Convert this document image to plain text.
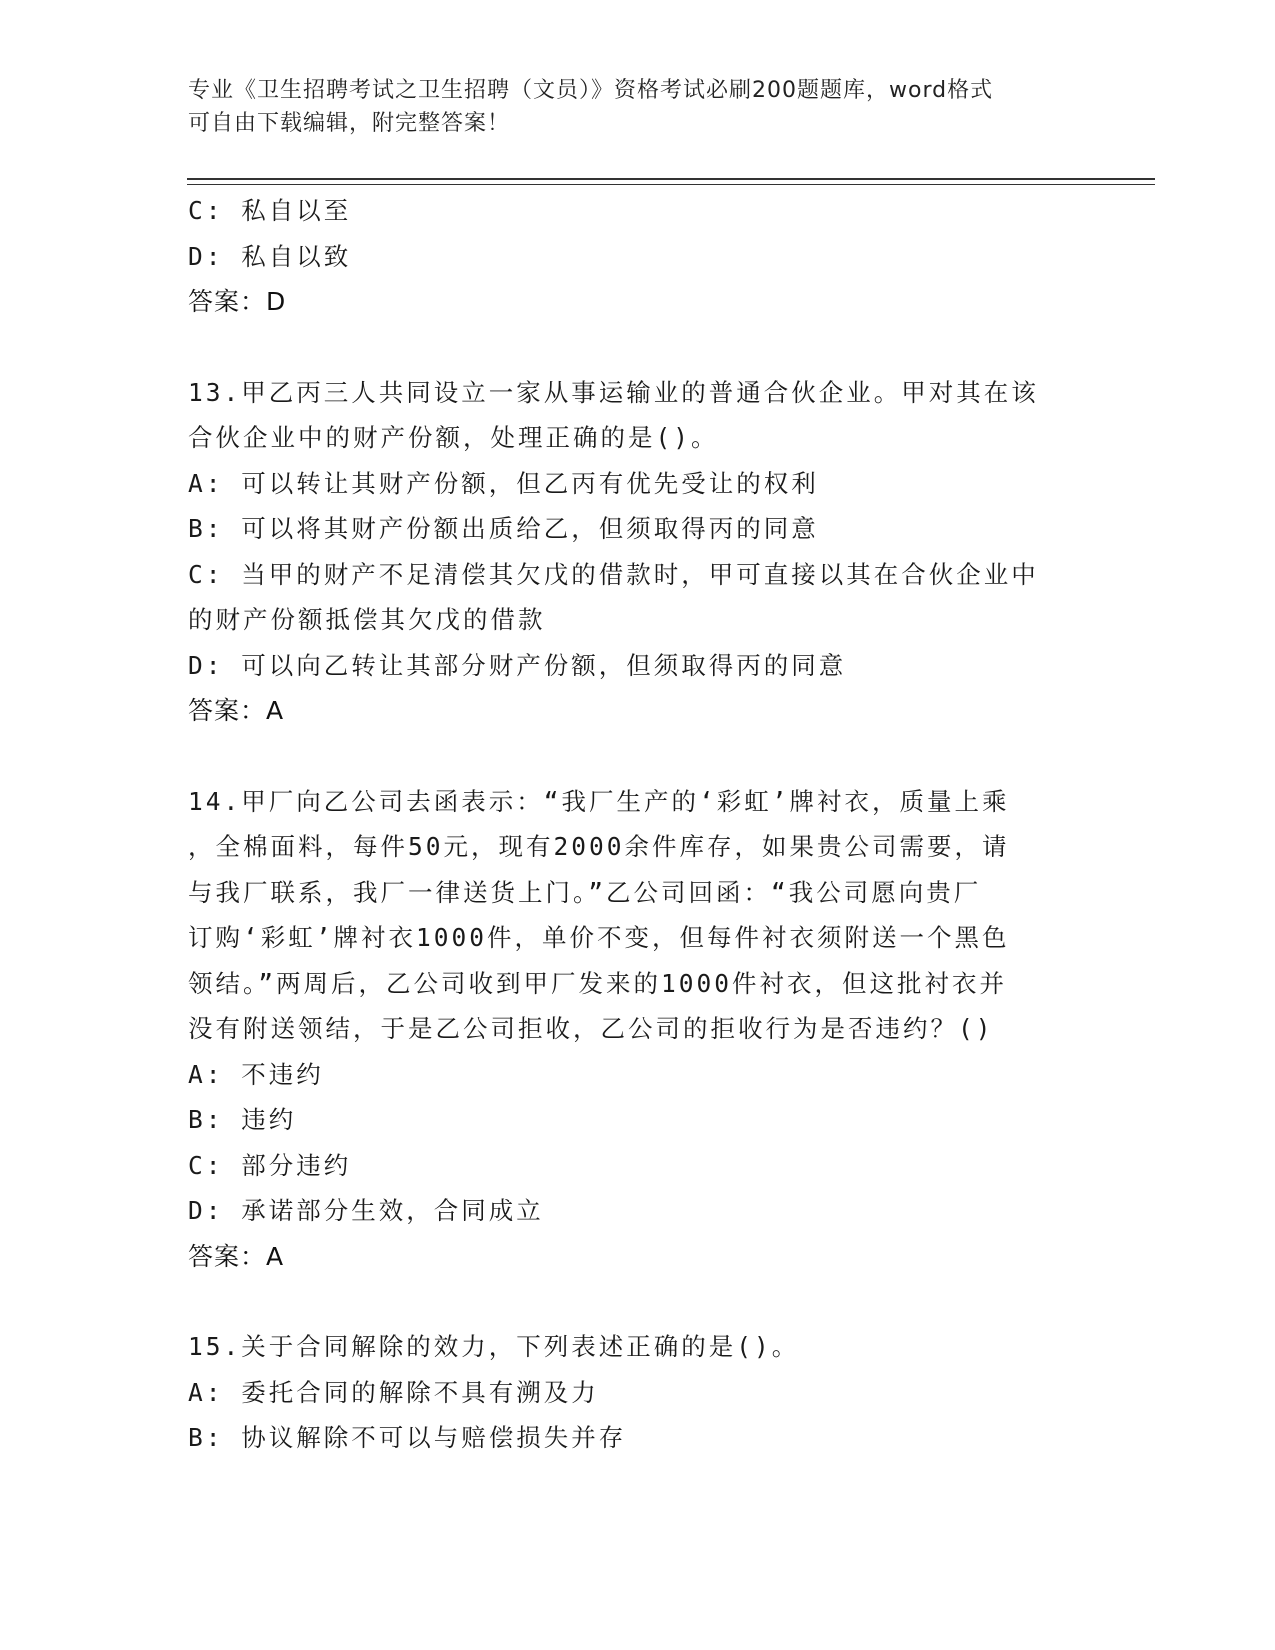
专业《卫生招聘考试之卫生招聘（文员）》资格考试必刷200题题库，word格式
可自由下载编辑，附完整答案！
C: 私自以至
D: 私自以致
答案：D
13.甲乙丙三人共同设立一家从事运输业的普通合伙企业。甲对其在该
合伙企业中的财产份额，处理正确的是()。
A: 可以转让其财产份额，但乙丙有优先受让的权利
B: 可以将其财产份额出质给乙，但须取得丙的同意
C: 当甲的财产不足清偿其欠戊的借款时，甲可直接以其在合伙企业中
的财产份额抵偿其欠戊的借款
D: 可以向乙转让其部分财产份额，但须取得丙的同意
答案：A
14.甲厂向乙公司去函表示：“我厂生产的‘彩虹’牌衬衣，质量上乘
，全棉面料，每件50元，现有2000余件库存，如果贵公司需要，请
与我厂联系，我厂一律送货上门。”乙公司回函：“我公司愿向贵厂
订购‘彩虹’牌衬衣1000件，单价不变，但每件衬衣须附送一个黑色
领结。”两周后，乙公司收到甲厂发来的1000件衬衣，但这批衬衣并
没有附送领结，于是乙公司拒收，乙公司的拒收行为是否违约？()
A: 不违约
B: 违约
C: 部分违约
D: 承诺部分生效，合同成立
答案：A
15.关于合同解除的效力，下列表述正确的是()。
A: 委托合同的解除不具有溯及力
B: 协议解除不可以与赔偿损失并存
